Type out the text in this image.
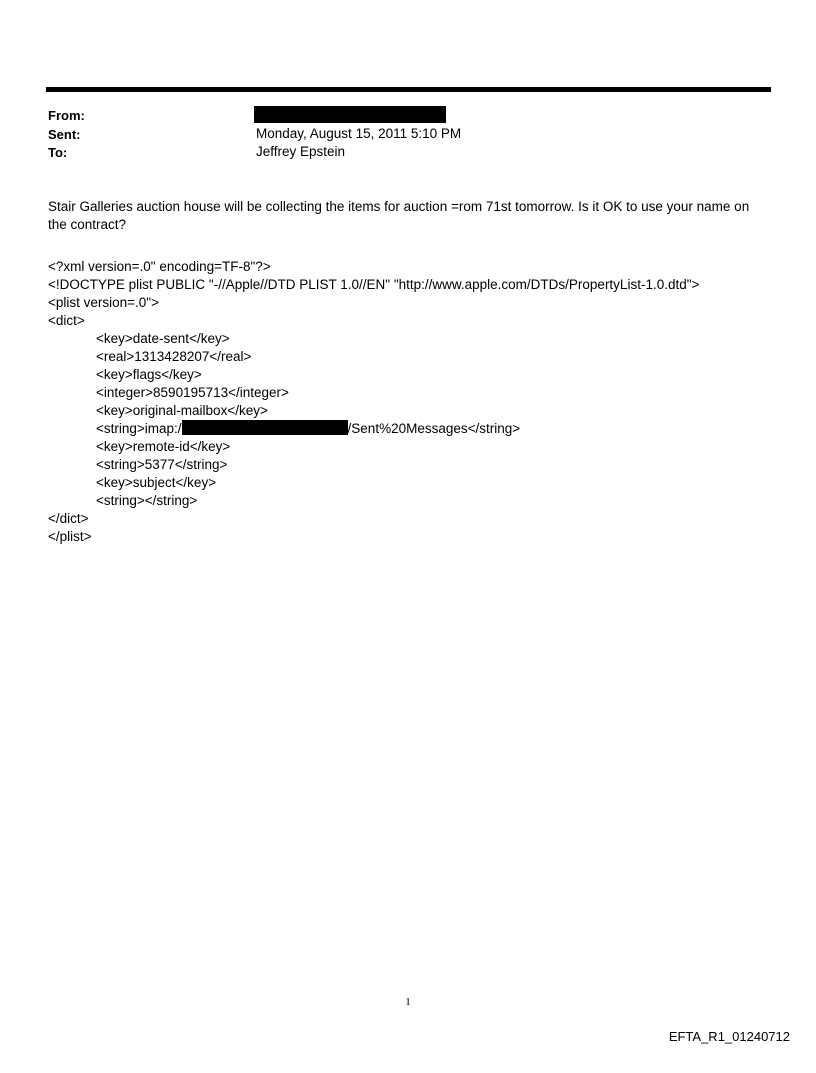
From:
Sent:	Monday, August 15, 2011 5:10 PM
To:	Jeffrey Epstein
Stair Galleries auction house will be collecting the items for auction =rom 71st tomorrow. Is it OK to use your name on the contract?
<?xml version=.0" encoding=TF-8"?>
<!DOCTYPE plist PUBLIC "-//Apple//DTD PLIST 1.0//EN" "http://www.apple.com/DTDs/PropertyList-1.0.dtd">
<plist version=.0">
<dict>
<key>date-sent</key>
<real>1313428207</real>
<key>flags</key>
<integer>8590195713</integer>
<key>original-mailbox</key>
<string>imap:/	/Sent%20Messages</string>
<key>remote-id</key>
<string>5377</string>
<key>subject</key>
<string></string>
</dict>
</plist>
1
EFTA_R1_01240712
